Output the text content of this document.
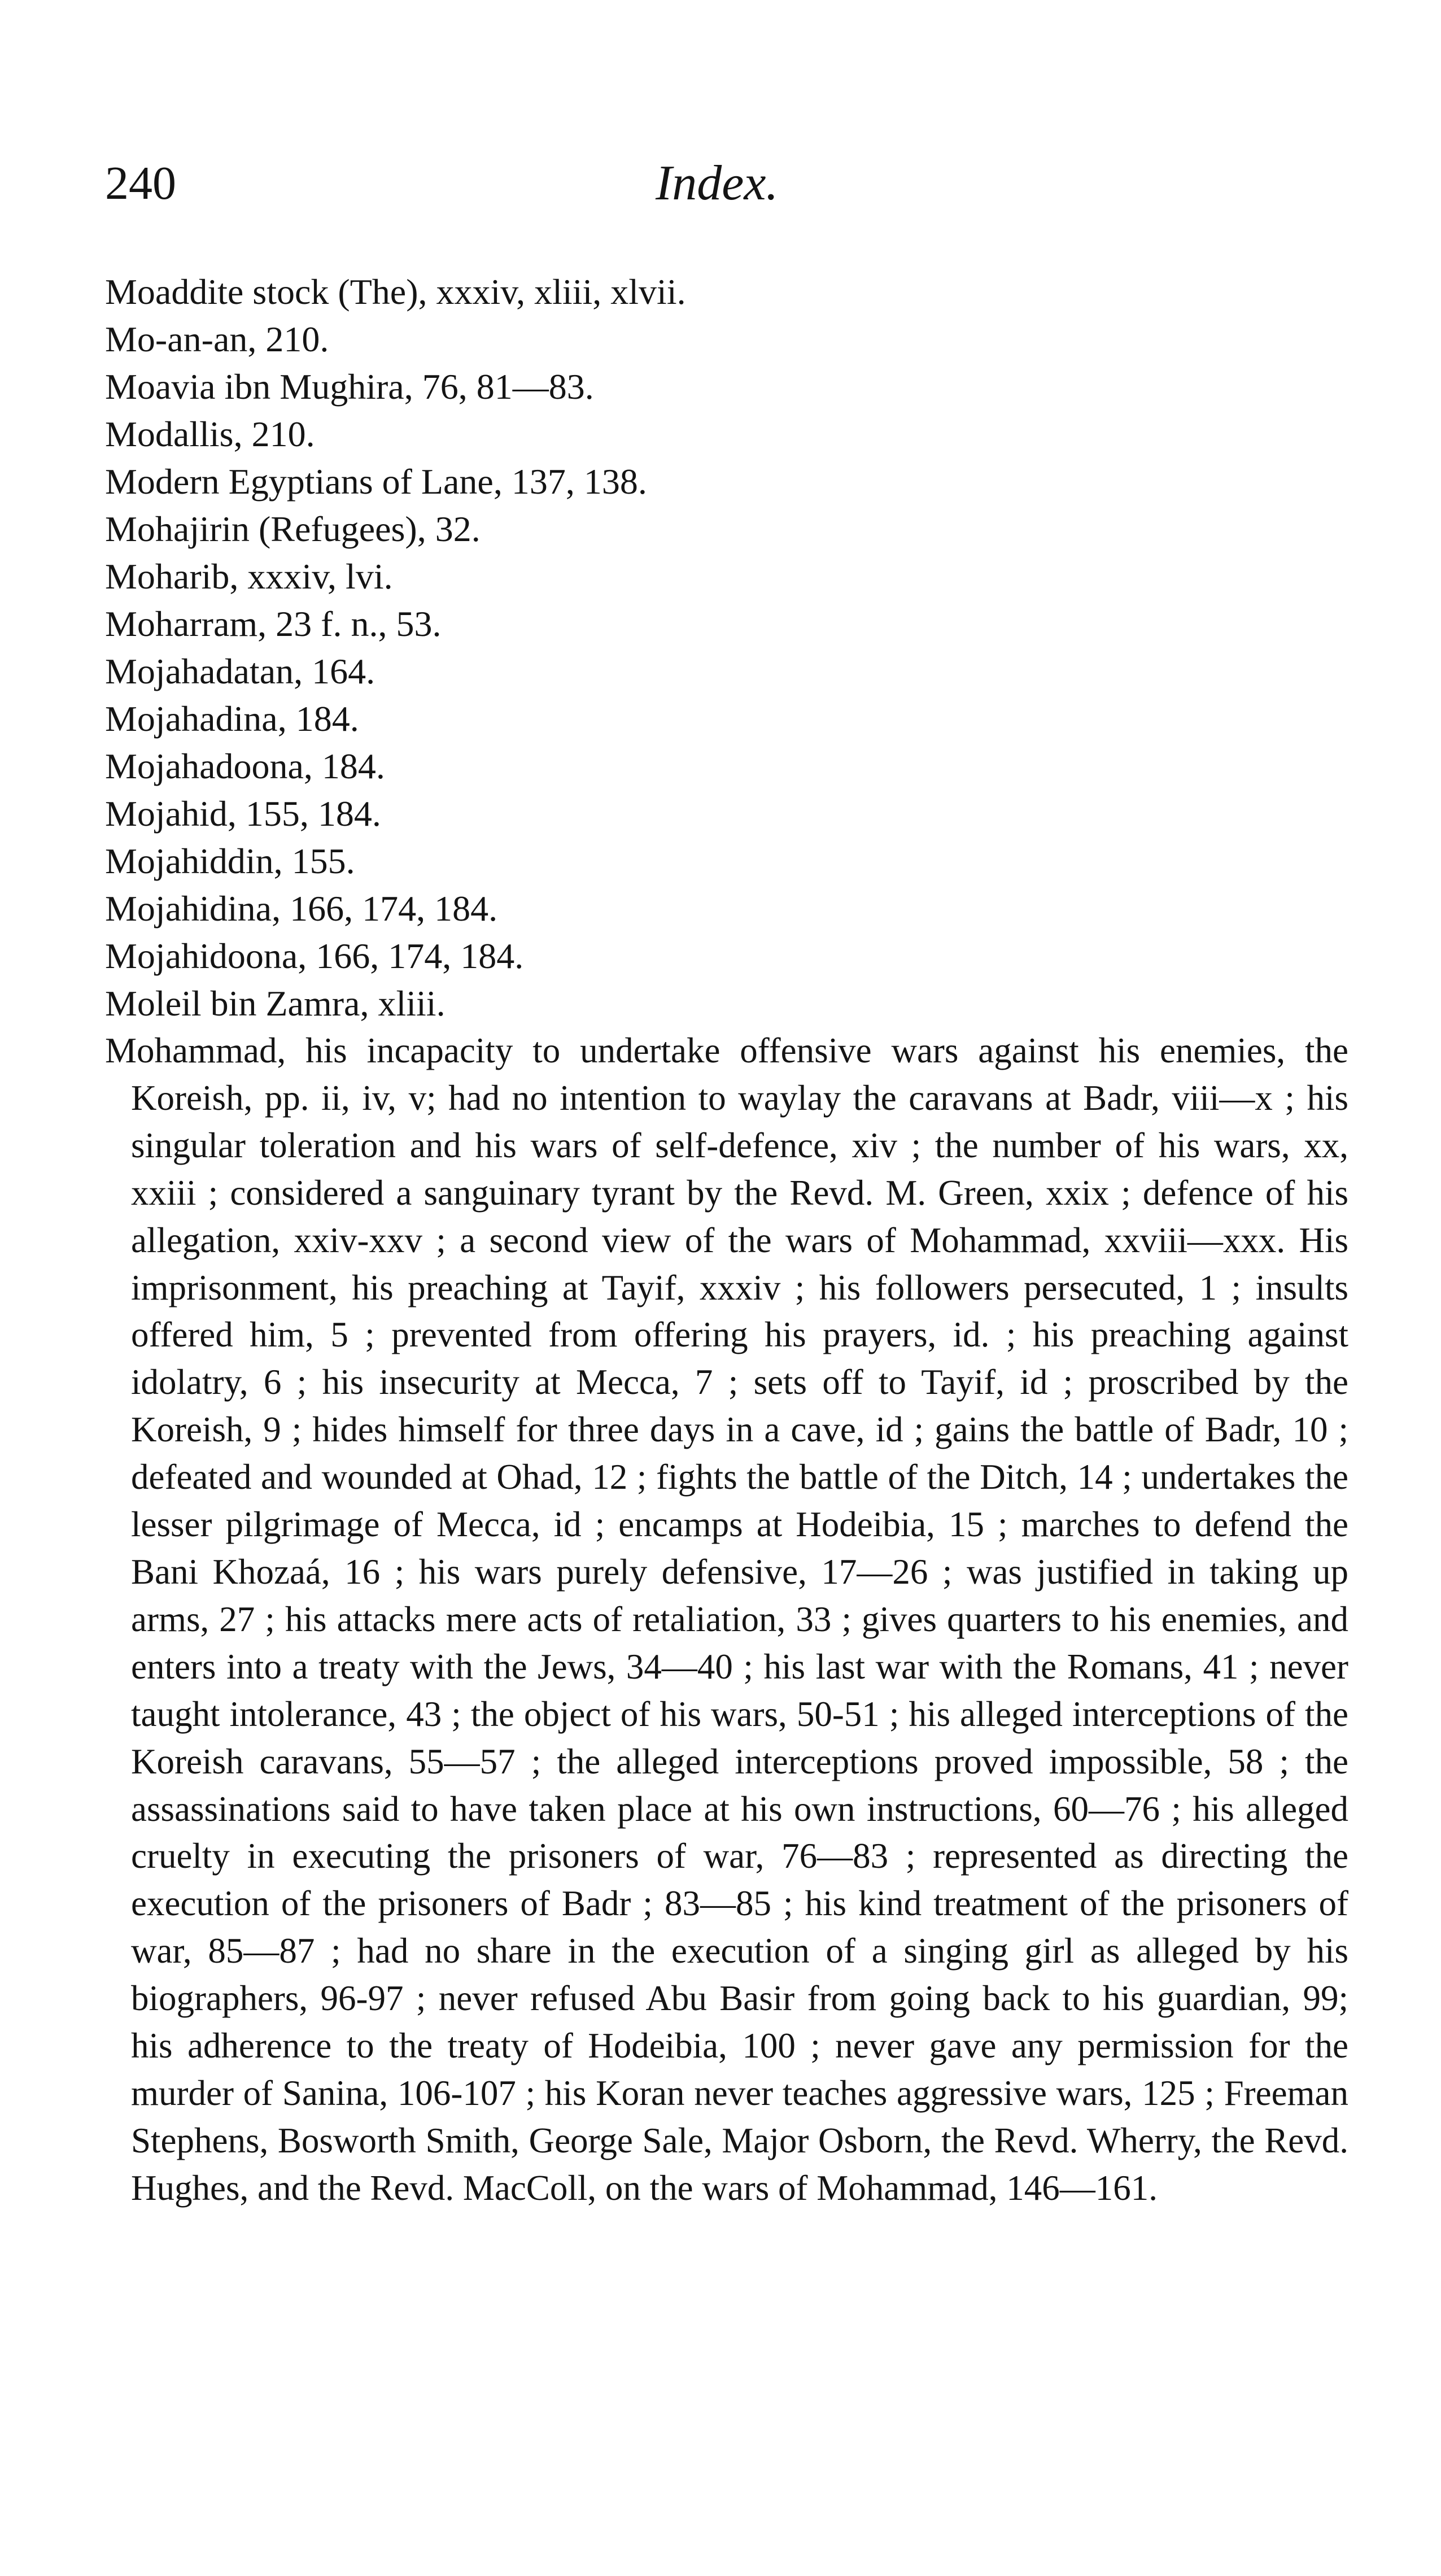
240	Index.
Moaddite stock (The), xxxiv, xliii, xlvii.
Mo-an-an, 210.
Moavia ibn Mughira, 76, 81—83.
Modallis, 210.
Modern Egyptians of Lane, 137, 138.
Mohajirin (Refugees), 32.
Moharib, xxxiv, lvi.
Moharram, 23 f. n., 53.
Mojahadatan, 164.
Mojahadina, 184.
Mojahadoona, 184.
Mojahid, 155, 184.
Mojahiddin, 155.
Mojahidina, 166, 174, 184.
Mojahidoona, 166, 174, 184.
Moleil bin Zamra, xliii.
Mohammad, his incapacity to undertake offensive wars against his enemies, the Koreish, pp. ii, iv, v; had no intention to waylay the caravans at Badr, viii—x ; his singular toleration and his wars of self-defence, xiv ; the number of his wars, xx, xxiii ; considered a sanguinary tyrant by the Revd. M. Green, xxix ; defence of his allegation, xxiv-xxv ; a second view of the wars of Mohammad, xxviii—xxx. His imprisonment, his preaching at Tayif, xxxiv ; his followers persecuted, 1 ; insults offered him, 5 ; prevented from offering his prayers, id. ; his preaching against idolatry, 6 ; his insecurity at Mecca, 7 ; sets off to Tayif, id ; proscribed by the Koreish, 9 ; hides himself for three days in a cave, id ; gains the battle of Badr, 10 ; defeated and wounded at Ohad, 12 ; fights the battle of the Ditch, 14 ; undertakes the lesser pilgrimage of Mecca, id ; encamps at Hodeibia, 15 ; marches to defend the Bani Khozaá, 16 ; his wars purely defensive, 17—26 ; was justified in taking up arms, 27 ; his attacks mere acts of retaliation, 33 ; gives quarters to his enemies, and enters into a treaty with the Jews, 34—40 ; his last war with the Romans, 41 ; never taught intolerance, 43 ; the object of his wars, 50-51 ; his alleged interceptions of the Koreish caravans, 55—57 ; the alleged interceptions proved impossible, 58 ; the assassinations said to have taken place at his own instructions, 60—76 ; his alleged cruelty in executing the prisoners of war, 76—83 ; represented as directing the execution of the prisoners of Badr ; 83—85 ; his kind treatment of the prisoners of war, 85—87 ; had no share in the execution of a singing girl as alleged by his biographers, 96-97 ; never refused Abu Basir from going back to his guardian, 99; his adherence to the treaty of Hodeibia, 100 ; never gave any permission for the murder of Sanina, 106-107 ; his Koran never teaches aggressive wars, 125 ; Freeman Stephens, Bosworth Smith, George Sale, Major Osborn, the Revd. Wherry, the Revd. Hughes, and the Revd. MacColl, on the wars of Mohammad, 146—161.
